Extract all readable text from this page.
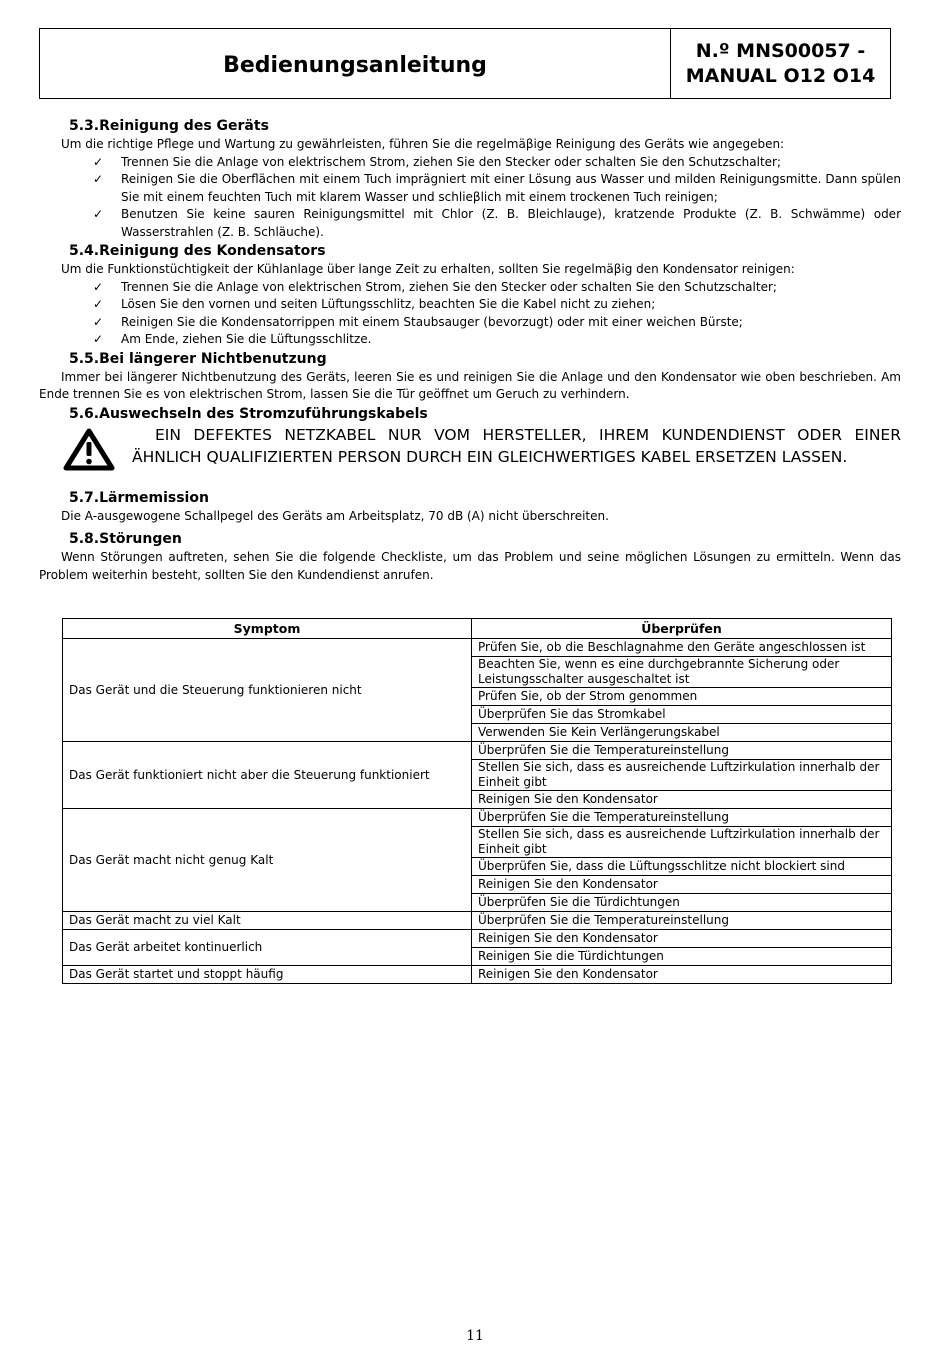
Bedienungsanleitung
N.º MNS00057 -
MANUAL O12 O14
5.3.Reinigung des Geräts

Um die richtige Pflege und Wartung zu gewährleisten, führen Sie die regelmäβige Reinigung des Geräts wie angegeben:

✓ Trennen Sie die Anlage von elektrischem Strom, ziehen Sie den Stecker oder schalten Sie den Schutzschalter;

✓ Reinigen Sie die Oberflächen mit einem Tuch imprägniert mit einer Lösung aus Wasser und milden Reinigungsmitte. Dann spülen Sie mit einem feuchten Tuch mit klarem Wasser und schlieβlich mit einem trockenen Tuch reinigen;

✓ Benutzen Sie keine sauren Reinigungsmittel mit Chlor (Z. B. Bleichlauge), kratzende Produkte (Z. B. Schwämme) oder Wasserstrahlen (Z. B. Schläuche).

5.4.Reinigung des Kondensators

Um die Funktionstüchtigkeit der Kühlanlage über lange Zeit zu erhalten, sollten Sie regelmäβig den Kondensator reinigen:

✓ Trennen Sie die Anlage von elektrischen Strom, ziehen Sie den Stecker oder schalten Sie den Schutzschalter;

✓ Lösen Sie den vornen und seiten Lüftungsschlitz, beachten Sie die Kabel nicht zu ziehen;

✓ Reinigen Sie die Kondensatorrippen mit einem Staubsauger (bevorzugt) oder mit einer weichen Bürste;

✓ Am Ende, ziehen Sie die Lüftungsschlitze.

5.5.Bei längerer Nichtbenutzung

Immer bei längerer Nichtbenutzung des Geräts, leeren Sie es und reinigen Sie die Anlage und den Kondensator wie oben beschrieben. Am Ende trennen Sie es von elektrischen Strom, lassen Sie die Tür geöffnet um Geruch zu verhindern.

5.6.Auswechseln des Stromzuführungskabels
EIN DEFEKTES NETZKABEL NUR VOM HERSTELLER, IHREM KUNDENDIENST ODER EINER ÄHNLICH QUALIFIZIERTEN PERSON DURCH EIN GLEICHWERTIGES KABEL ERSETZEN LASSEN.
5.7.Lärmemission

Die A-ausgewogene Schallpegel des Geräts am Arbeitsplatz, 70 dB (A) nicht überschreiten.

5.8.Störungen

Wenn Störungen auftreten, sehen Sie die folgende Checkliste, um das Problem und seine möglichen Lösungen zu ermitteln. Wenn das Problem weiterhin besteht, sollten Sie den Kundendienst anrufen.

Symptom	Überprüfen
Das Gerät und die Steuerung funktionieren nicht	Prüfen Sie, ob die Beschlagnahme den Geräte angeschlossen ist
	Beachten Sie, wenn es eine durchgebrannte Sicherung oder Leistungsschalter ausgeschaltet ist
	Prüfen Sie, ob der Strom genommen
	Überprüfen Sie das Stromkabel
	Verwenden Sie Kein Verlängerungskabel
Das Gerät funktioniert nicht aber die Steuerung funktioniert	Überprüfen Sie die Temperatureinstellung
	Stellen Sie sich, dass es ausreichende Luftzirkulation innerhalb der Einheit gibt
	Reinigen Sie den Kondensator
Das Gerät macht nicht genug Kalt	Überprüfen Sie die Temperatureinstellung
	Stellen Sie sich, dass es ausreichende Luftzirkulation innerhalb der Einheit gibt
	Überprüfen Sie, dass die Lüftungsschlitze nicht blockiert sind
	Reinigen Sie den Kondensator
	Überprüfen Sie die Türdichtungen
Das Gerät macht zu viel Kalt	Überprüfen Sie die Temperatureinstellung
Das Gerät arbeitet kontinuerlich	Reinigen Sie den Kondensator
	Reinigen Sie die Türdichtungen
Das Gerät startet und stoppt häufig	Reinigen Sie den Kondensator
11
